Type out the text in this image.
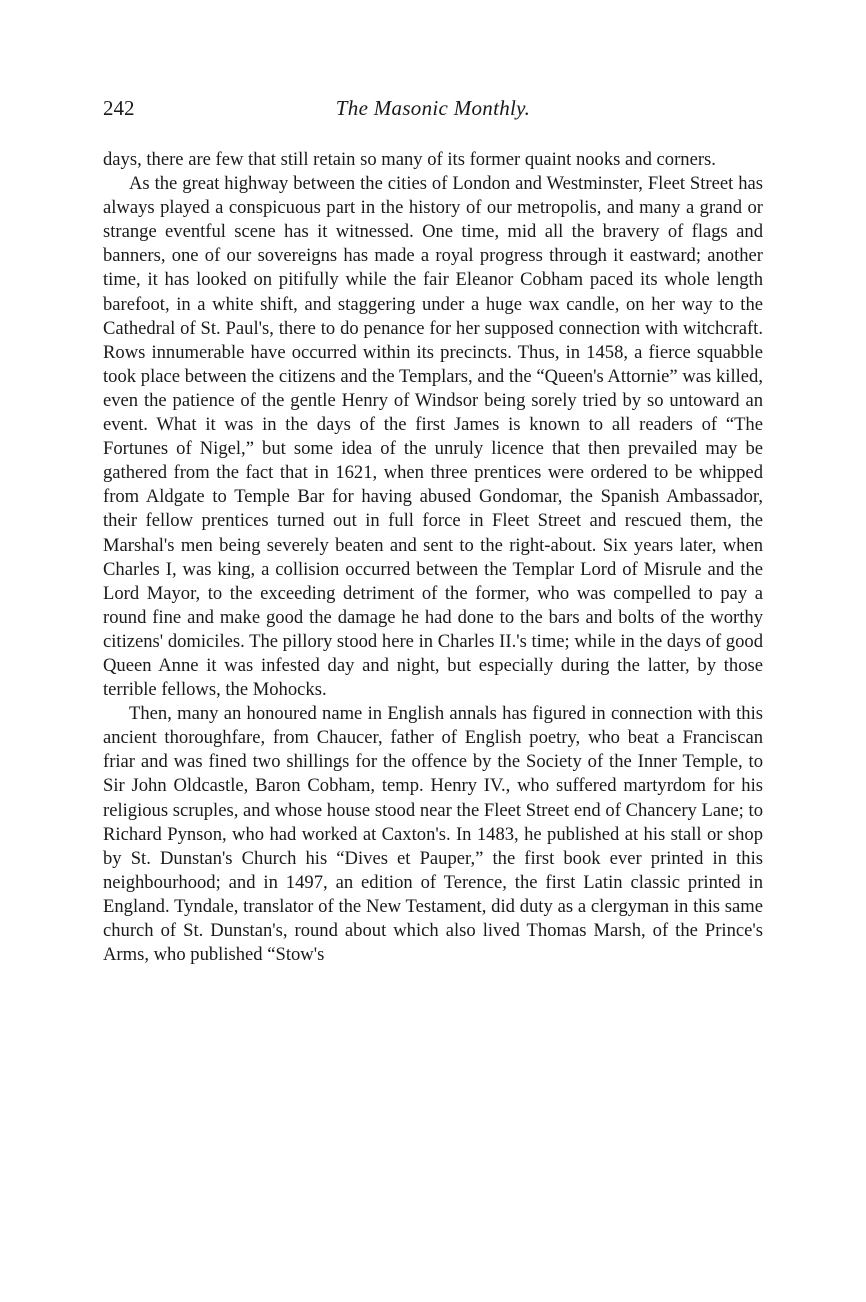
242	The Masonic Monthly.

days, there are few that still retain so many of its former quaint nooks and corners.

As the great highway between the cities of London and Westminster, Fleet Street has always played a conspicuous part in the history of our metropolis, and many a grand or strange eventful scene has it witnessed. One time, mid all the bravery of flags and banners, one of our sovereigns has made a royal progress through it eastward; another time, it has looked on pitifully while the fair Eleanor Cobham paced its whole length barefoot, in a white shift, and staggering under a huge wax candle, on her way to the Cathedral of St. Paul's, there to do penance for her supposed connection with witchcraft. Rows innumerable have occurred within its precincts. Thus, in 1458, a fierce squabble took place between the citizens and the Templars, and the “Queen's Attornie” was killed, even the patience of the gentle Henry of Windsor being sorely tried by so untoward an event. What it was in the days of the first James is known to all readers of “The Fortunes of Nigel,” but some idea of the unruly licence that then prevailed may be gathered from the fact that in 1621, when three prentices were ordered to be whipped from Aldgate to Temple Bar for having abused Gondomar, the Spanish Ambassador, their fellow prentices turned out in full force in Fleet Street and rescued them, the Marshal's men being severely beaten and sent to the right-about. Six years later, when Charles I, was king, a collision occurred between the Templar Lord of Misrule and the Lord Mayor, to the exceeding detriment of the former, who was compelled to pay a round fine and make good the damage he had done to the bars and bolts of the worthy citizens' domiciles. The pillory stood here in Charles II.'s time; while in the days of good Queen Anne it was infested day and night, but especially during the latter, by those terrible fellows, the Mohocks.

Then, many an honoured name in English annals has figured in connection with this ancient thoroughfare, from Chaucer, father of English poetry, who beat a Franciscan friar and was fined two shillings for the offence by the Society of the Inner Temple, to Sir John Oldcastle, Baron Cobham, temp. Henry IV., who suffered martyrdom for his religious scruples, and whose house stood near the Fleet Street end of Chancery Lane; to Richard Pynson, who had worked at Caxton's. In 1483, he published at his stall or shop by St. Dunstan's Church his “Dives et Pauper,” the first book ever printed in this neighbourhood; and in 1497, an edition of Terence, the first Latin classic printed in England. Tyndale, translator of the New Testament, did duty as a clergyman in this same church of St. Dunstan's, round about which also lived Thomas Marsh, of the Prince's Arms, who published “Stow's
